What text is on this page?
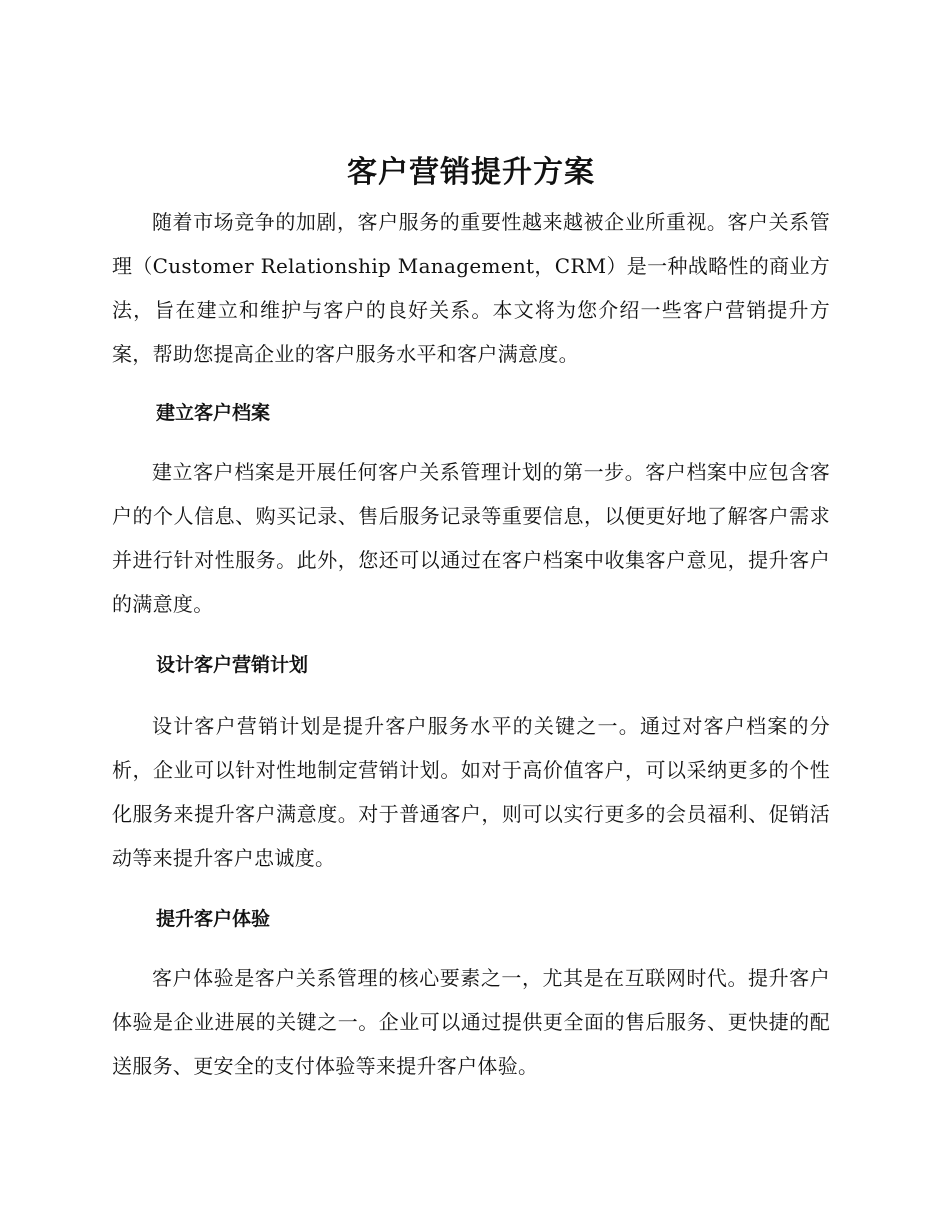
客户营销提升方案

随着市场竞争的加剧，客户服务的重要性越来越被企业所重视。客户关系管理（Customer Relationship Management，CRM）是一种战略性的商业方法，旨在建立和维护与客户的良好关系。本文将为您介绍一些客户营销提升方案，帮助您提高企业的客户服务水平和客户满意度。

建立客户档案

建立客户档案是开展任何客户关系管理计划的第一步。客户档案中应包含客户的个人信息、购买记录、售后服务记录等重要信息，以便更好地了解客户需求并进行针对性服务。此外，您还可以通过在客户档案中收集客户意见，提升客户的满意度。

设计客户营销计划

设计客户营销计划是提升客户服务水平的关键之一。通过对客户档案的分析，企业可以针对性地制定营销计划。如对于高价值客户，可以采纳更多的个性化服务来提升客户满意度。对于普通客户，则可以实行更多的会员福利、促销活动等来提升客户忠诚度。

提升客户体验

客户体验是客户关系管理的核心要素之一，尤其是在互联网时代。提升客户体验是企业进展的关键之一。企业可以通过提供更全面的售后服务、更快捷的配送服务、更安全的支付体验等来提升客户体验。
